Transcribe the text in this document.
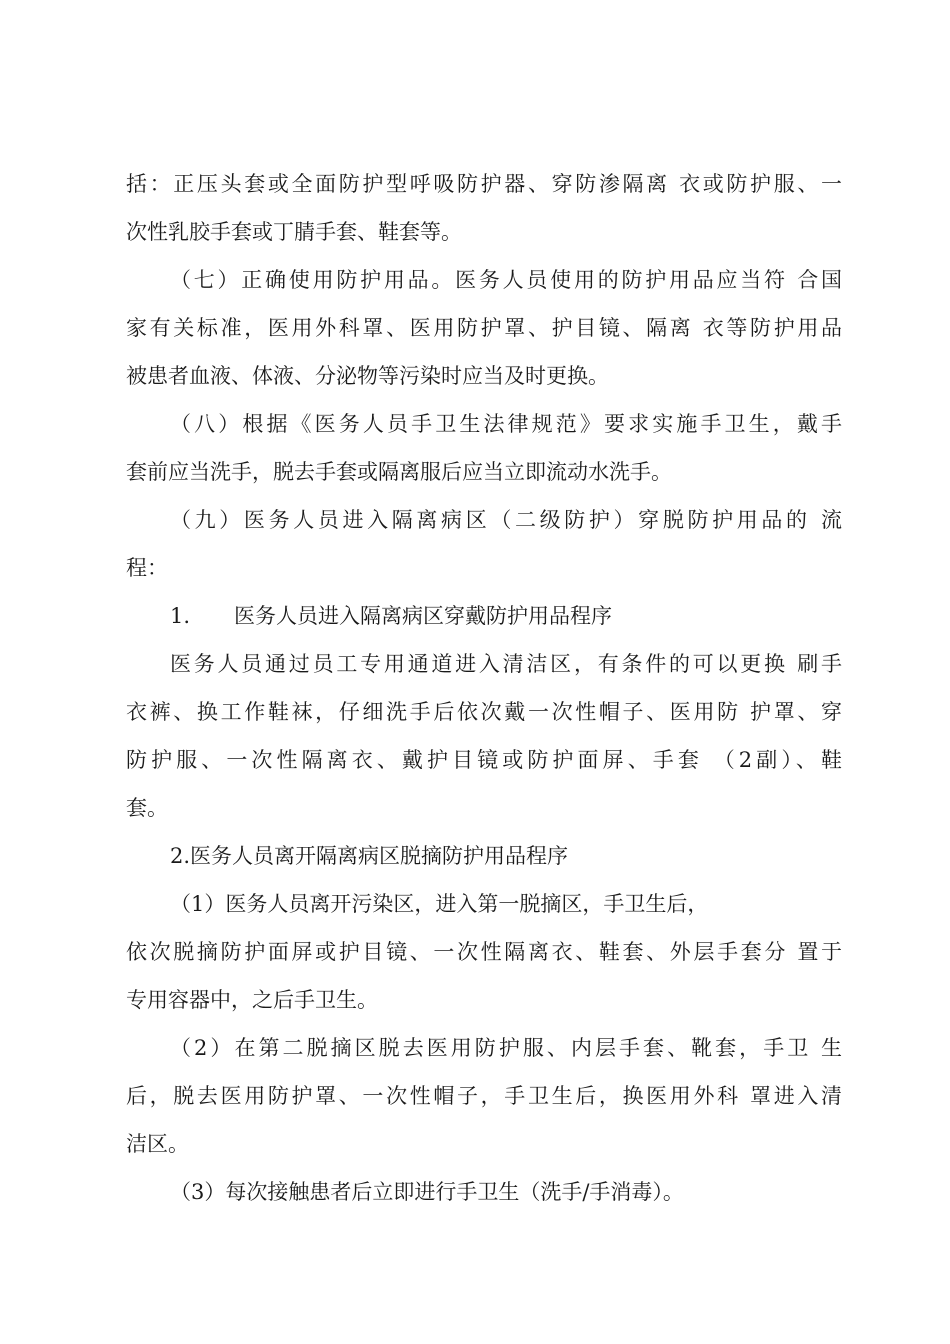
括：正压头套或全面防护型呼吸防护器、穿防渗隔离 衣或防护服、一
次性乳胶手套或丁腈手套、鞋套等。
（七）正确使用防护用品。医务人员使用的防护用品应当符 合国
家有关标准，医用外科罩、医用防护罩、护目镜、隔离 衣等防护用品
被患者血液、体液、分泌物等污染时应当及时更换。
（八）根据《医务人员手卫生法律规范》要求实施手卫生，戴手
套前应当洗手，脱去手套或隔离服后应当立即流动水洗手。
（九）医务人员进入隔离病区（二级防护）穿脱防护用品的 流
程：
1. 医务人员进入隔离病区穿戴防护用品程序
医务人员通过员工专用通道进入清洁区，有条件的可以更换 刷手
衣裤、换工作鞋袜，仔细洗手后依次戴一次性帽子、医用防 护罩、穿
防护服、一次性隔离衣、戴护目镜或防护面屏、手套 （2副）、鞋
套。
2.医务人员离开隔离病区脱摘防护用品程序
（1）医务人员离开污染区，进入第一脱摘区，手卫生后，
依次脱摘防护面屏或护目镜、一次性隔离衣、鞋套、外层手套分 置于
专用容器中，之后手卫生。
（2）在第二脱摘区脱去医用防护服、内层手套、靴套，手卫 生
后，脱去医用防护罩、一次性帽子，手卫生后，换医用外科 罩进入清
洁区。
（3）每次接触患者后立即进行手卫生（洗手/手消毒）。
